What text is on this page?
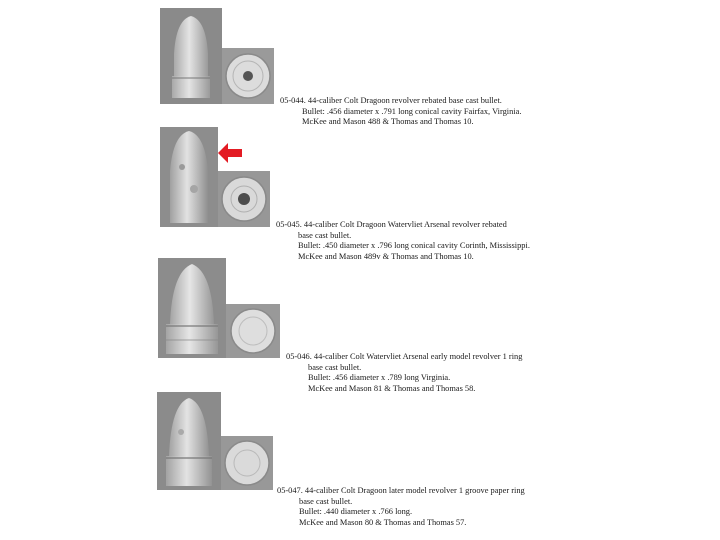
05-044. 44-caliber Colt Dragoon revolver rebated base cast bullet.
Bullet: .456 diameter x .791 long conical cavity Fairfax, Virginia.
McKee and Mason 488 & Thomas and Thomas 10.
05-045. 44-caliber Colt Dragoon Watervliet Arsenal revolver rebated
base cast bullet.
Bullet: .450 diameter x .796 long conical cavity Corinth, Mississippi.
McKee and Mason 489v & Thomas and Thomas 10.
05-046. 44-caliber Colt Watervliet Arsenal early model revolver 1 ring
base cast bullet.
Bullet: .456 diameter x .789 long Virginia.
McKee and Mason 81 & Thomas and Thomas 58.
05-047. 44-caliber Colt Dragoon later model revolver 1 groove paper ring
base cast bullet.
Bullet: .440 diameter x .766 long.
McKee and Mason 80 & Thomas and Thomas 57.
